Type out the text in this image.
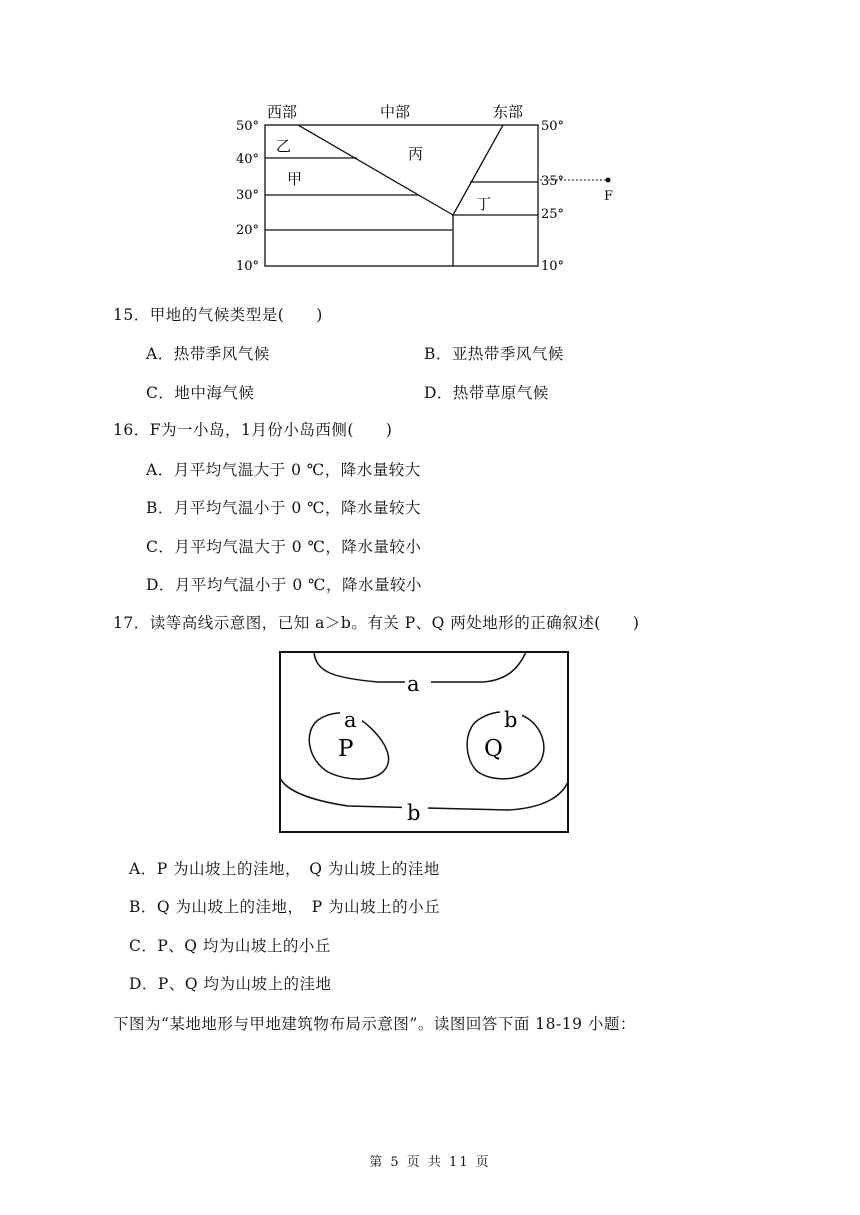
西部	中部	东部
50°
40°
30°
20°
10°
50°
35°
25°
10°
乙
甲
丙
丁	F
15．甲地的气候类型是(　　)
A．热带季风气候	B．亚热带季风气候
C．地中海气候	D．热带草原气候
16．F为一小岛，1月份小岛西侧(　　)
A．月平均气温大于 0 ℃，降水量较大
B．月平均气温小于 0 ℃，降水量较大
C．月平均气温大于 0 ℃，降水量较小
D．月平均气温小于 0 ℃，降水量较小
17．读等高线示意图，已知 a＞b。有关 P、Q 两处地形的正确叙述(　　)
a
a
P
b
Q
b
A．P 为山坡上的洼地，　Q 为山坡上的洼地
B．Q 为山坡上的洼地，　P 为山坡上的小丘
C．P、Q 均为山坡上的小丘
D．P、Q 均为山坡上的洼地
下图为“某地地形与甲地建筑物布局示意图”。读图回答下面 18-19 小题：
第 5 页 共 11 页
